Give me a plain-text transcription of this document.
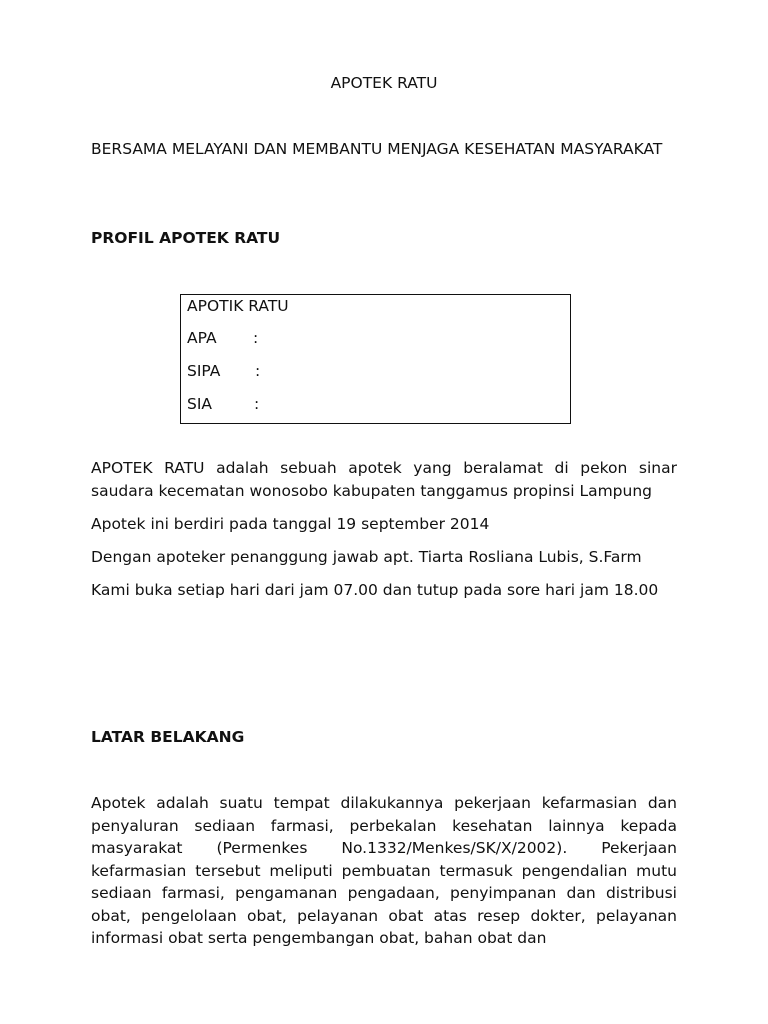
APOTEK RATU
BERSAMA MELAYANI DAN MEMBANTU MENJAGA KESEHATAN MASYARAKAT
PROFIL APOTEK RATU
APOTIK RATU
APA :
SIPA :
SIA	:
APOTEK RATU adalah sebuah apotek yang beralamat di pekon sinar saudara kecematan wonosobo kabupaten tanggamus propinsi Lampung
Apotek ini berdiri pada tanggal 19 september 2014
Dengan apoteker penanggung jawab apt. Tiarta Rosliana Lubis, S.Farm
Kami buka setiap hari dari jam 07.00 dan tutup pada sore hari jam 18.00
LATAR BELAKANG
Apotek adalah suatu tempat dilakukannya pekerjaan kefarmasian dan penyaluran sediaan farmasi, perbekalan kesehatan lainnya kepada masyarakat (Permenkes No.1332/Menkes/SK/X/2002). Pekerjaan kefarmasian tersebut meliputi pembuatan termasuk pengendalian mutu sediaan farmasi, pengamanan pengadaan, penyimpanan dan distribusi obat, pengelolaan obat, pelayanan obat atas resep dokter, pelayanan informasi obat serta pengembangan obat, bahan obat dan
